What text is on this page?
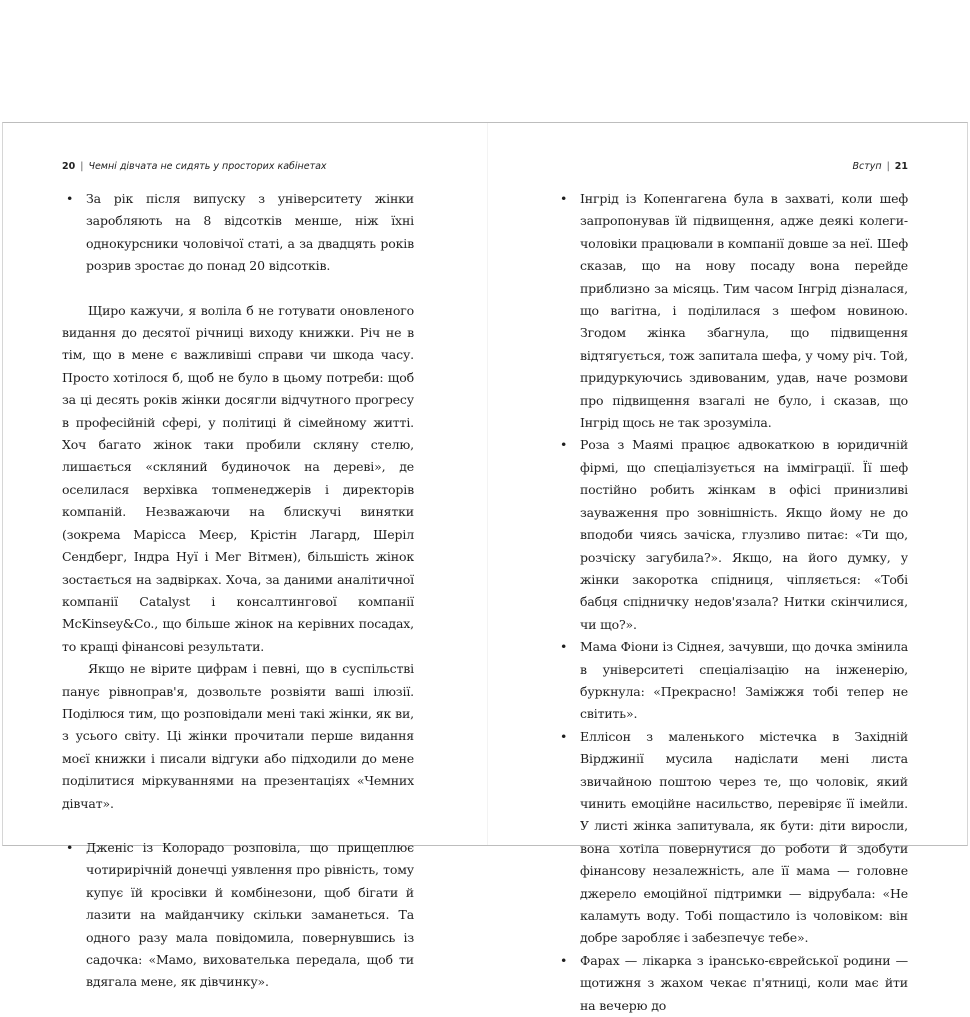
20 | Чемні дівчата не сидять у просторих кабінетах	Вступ | 21

• За рік після випуску з університету жінки заробляють на 8 відсотків менше, ніж їхні однокурсники чоловічої статі, а за двадцять років розрив зростає до понад 20 відсотків.

Щиро кажучи, я воліла б не готувати оновленого видання до десятої річниці виходу книжки. Річ не в тім, що в мене є важливіші справи чи шкода часу. Просто хотілося б, щоб не було в цьому потреби: щоб за ці десять років жінки досягли відчутного прогресу в професійній сфері, у політиці й сімейному житті. Хоч багато жінок таки пробили скляну стелю, лишається «скляний будиночок на дереві», де оселилася верхівка топменеджерів і директорів компаній. Незважаючи на блискучі винятки (зокрема Марісса Меєр, Крістін Лагард, Шеріл Сендберг, Індра Нуї і Мег Вітмен), більшість жінок зостається на задвірках. Хоча, за даними аналітичної компанії Catalyst і консалтингової компанії McKinsey&Co., що більше жінок на керівних посадах, то кращі фінансові результати.

Якщо не вірите цифрам і певні, що в суспільстві панує рівноправ'я, дозвольте розвіяти ваші ілюзії. Поділюся тим, що розповідали мені такі жінки, як ви, з усього світу. Ці жінки прочитали перше видання моєї книжки і писали відгуки або підходили до мене поділитися міркуваннями на презентаціях «Чемних дівчат».

• Дженіс із Колорадо розповіла, що прищеплює чотирирічній донечці уявлення про рівність, тому купує їй кросівки й комбінезони, щоб бігати й лазити на майданчику скільки заманеться. Та одного разу мала повідомила, повернувшись із садочка: «Мамо, вихователька передала, щоб ти вдягала мене, як дівчинку».

• Інгрід із Копенгагена була в захваті, коли шеф запропонував їй підвищення, адже деякі колеги-чоловіки працювали в компанії довше за неї. Шеф сказав, що на нову посаду вона перейде приблизно за місяць. Тим часом Інгрід дізналася, що вагітна, і поділилася з шефом новиною. Згодом жінка збагнула, що підвищення відтягується, тож запитала шефа, у чому річ. Той, придуркуючись здивованим, удав, наче розмови про підвищення взагалі не було, і сказав, що Інгрід щось не так зрозуміла.

• Роза з Маямі працює адвокаткою в юридичній фірмі, що спеціалізується на імміграції. Її шеф постійно робить жінкам в офісі принизливі зауваження про зовнішність. Якщо йому не до вподоби чиясь зачіска, глузливо питає: «Ти що, розчіску загубила?». Якщо, на його думку, у жінки закоротка спідниця, чіпляється: «Тобі бабця спідничку недов'язала? Нитки скінчилися, чи що?».

• Мама Фіони із Сіднея, зачувши, що дочка змінила в університеті спеціалізацію на інженерію, буркнула: «Прекрасно! Заміжжя тобі тепер не світить».

• Еллісон з маленького містечка в Західній Вірджинії мусила надіслати мені листа звичайною поштою через те, що чоловік, який чинить емоційне насильство, перевіряє її імейли. У листі жінка запитувала, як бути: діти виросли, вона хотіла повернутися до роботи й здобути фінансову незалежність, але її мама — головне джерело емоційної підтримки — відрубала: «Не каламуть воду. Тобі пощастило із чоловіком: він добре заробляє і забезпечує тебе».

• Фарах — лікарка з ірансько-єврейської родини — щотижня з жахом чекає п'ятниці, коли має йти на вечерю до
